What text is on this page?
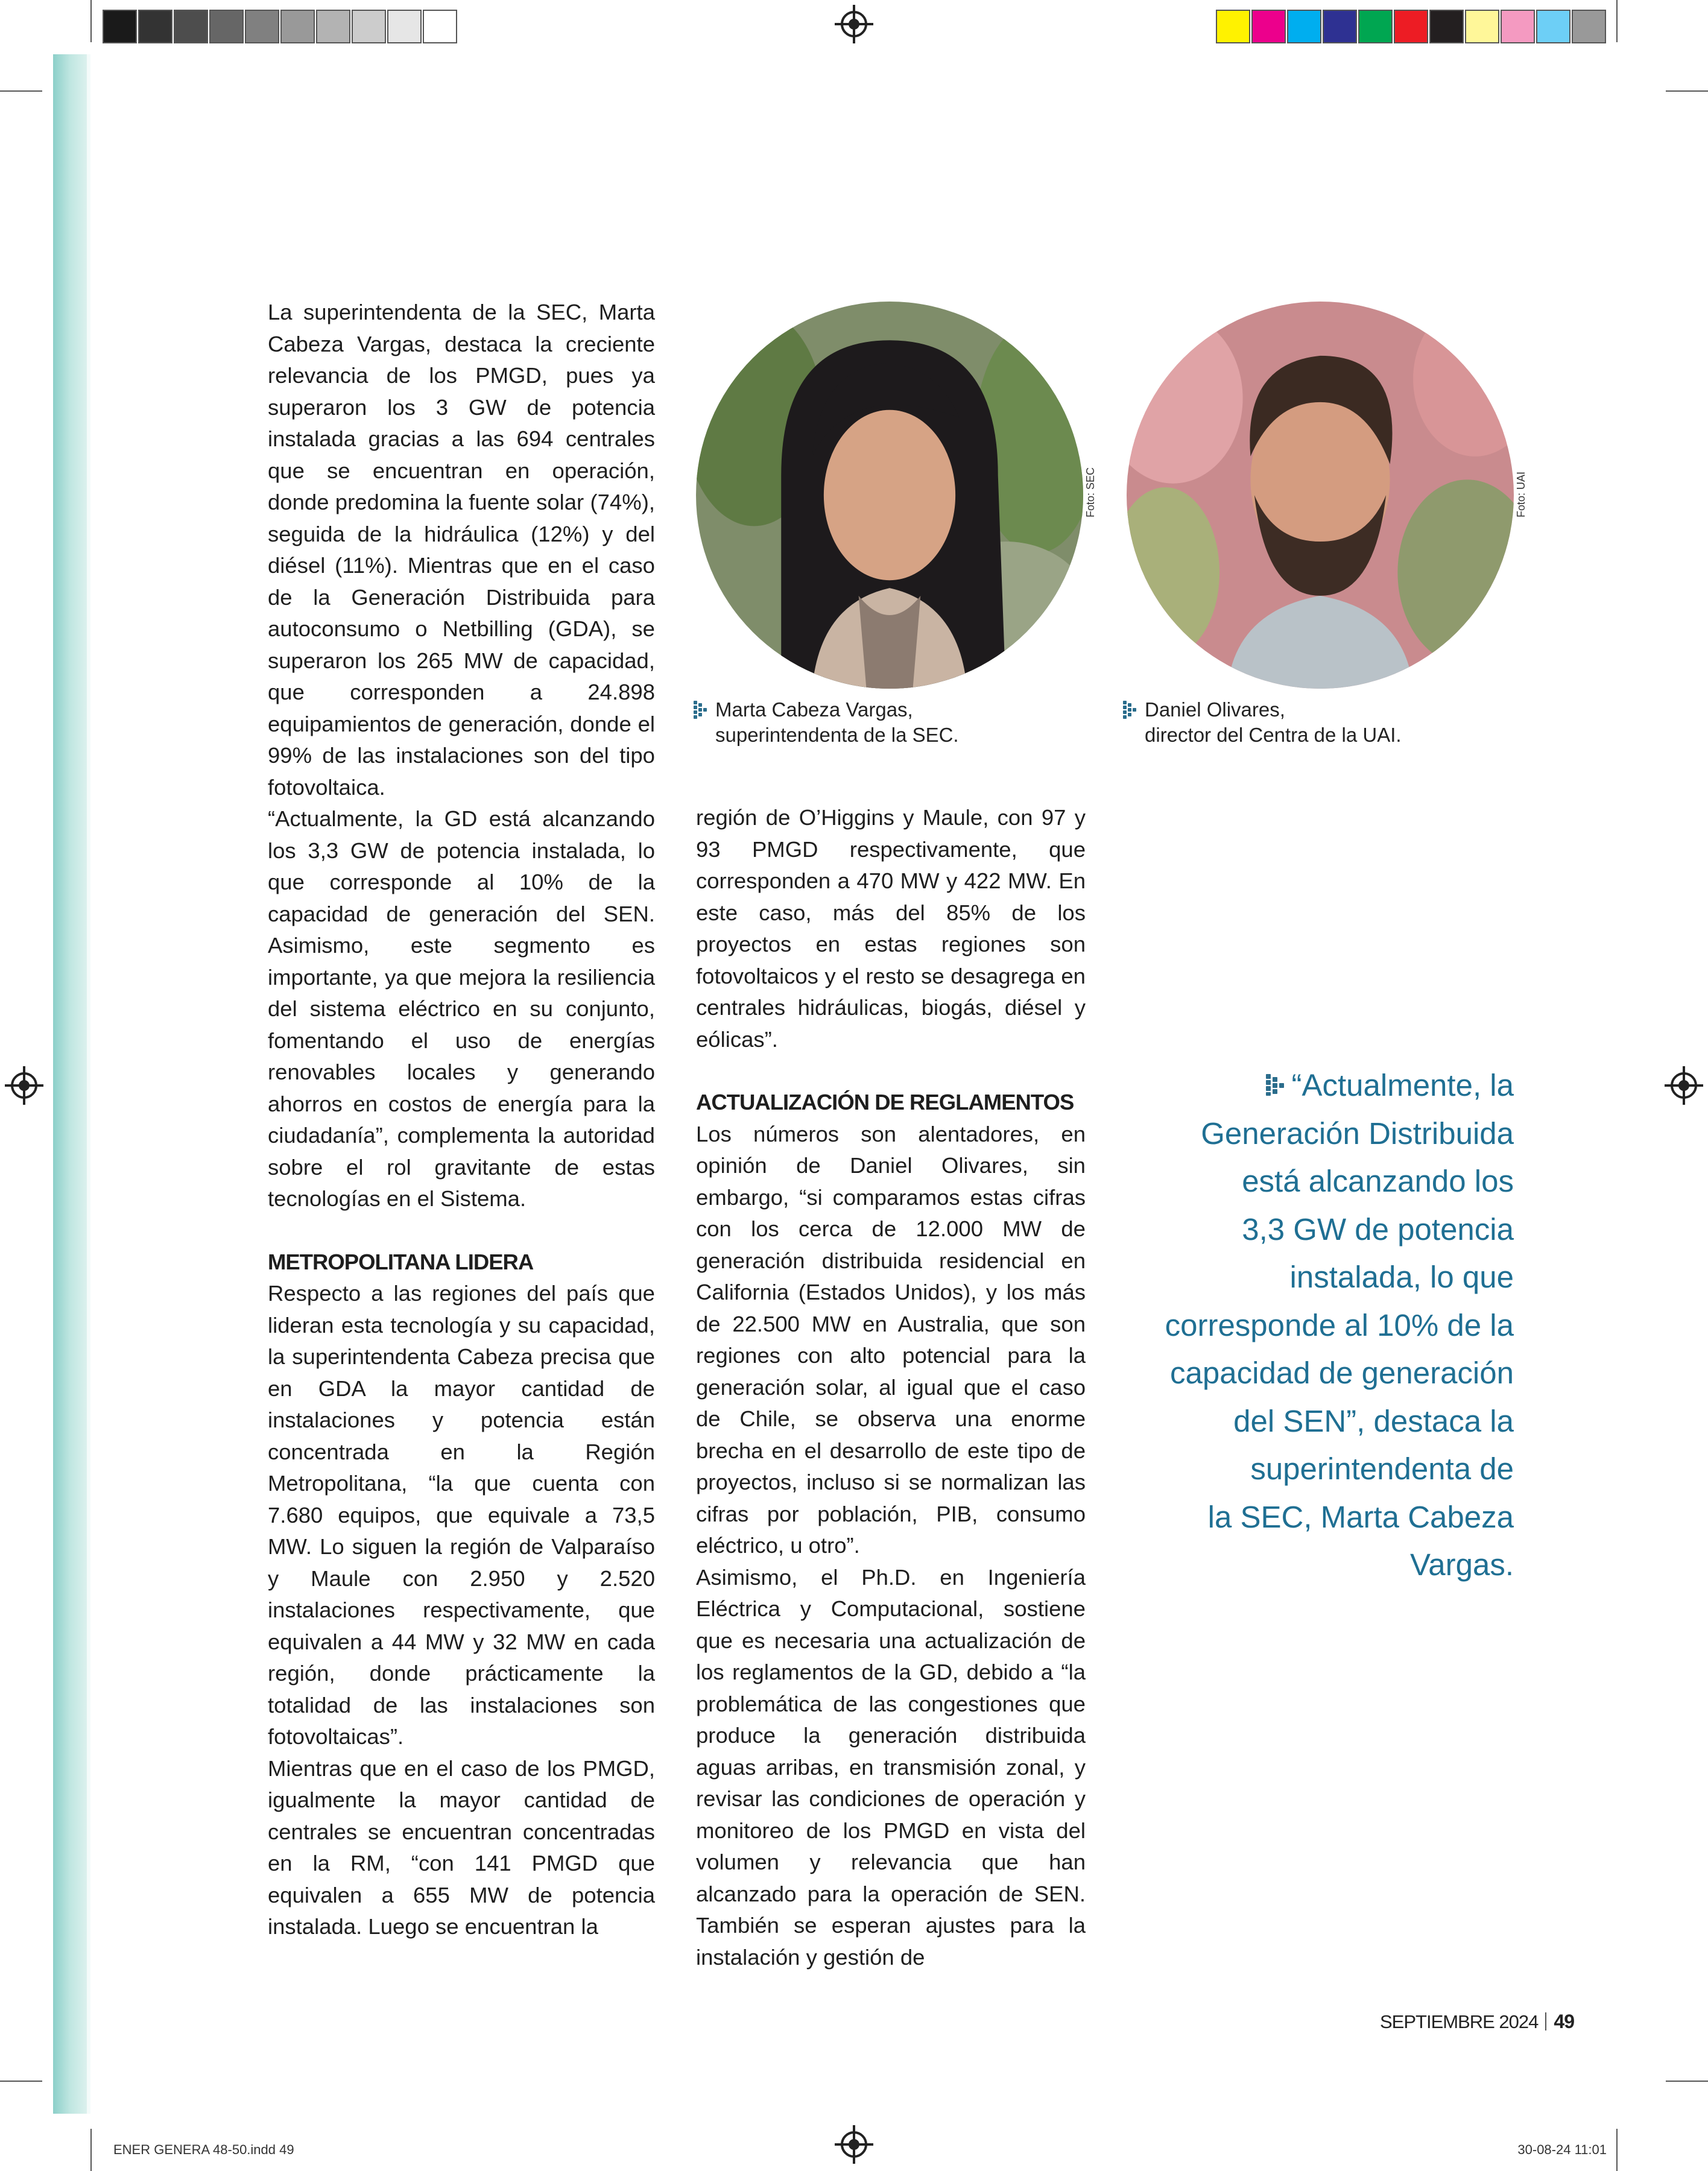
La superintendenta de la SEC, Marta Cabeza Vargas, destaca la creciente relevancia de los PMGD, pues ya superaron los 3 GW de potencia instalada gracias a las 694 centrales que se encuentran en operación, donde predomina la fuente solar (74%), seguida de la hidráulica (12%) y del diésel (11%). Mientras que en el caso de la Generación Distribuida para autoconsumo o Netbilling (GDA), se superaron los 265 MW de capacidad, que corresponden a 24.898 equipamientos de generación, donde el 99% de las instalaciones son del tipo fotovoltaica.

“Actualmente, la GD está alcanzando los 3,3 GW de potencia instalada, lo que corresponde al 10% de la capacidad de generación del SEN. Asimismo, este segmento es importante, ya que mejora la resiliencia del sistema eléctrico en su conjunto, fomentando el uso de energías renovables locales y generando ahorros en costos de energía para la ciudadanía”, complementa la autoridad sobre el rol gravitante de estas tecnologías en el Sistema.

METROPOLITANA LIDERA

Respecto a las regiones del país que lideran esta tecnología y su capacidad, la superintendenta Cabeza precisa que en GDA la mayor cantidad de instalaciones y potencia están concentrada en la Región Metropolitana, “la que cuenta con 7.680 equipos, que equivale a 73,5 MW. Lo siguen la región de Valparaíso y Maule con 2.950 y 2.520 instalaciones respectivamente, que equivalen a 44 MW y 32 MW en cada región, donde prácticamente la totalidad de las instalaciones son fotovoltaicas”.

Mientras que en el caso de los PMGD, igualmente la mayor cantidad de centrales se encuentran concentradas en la RM, “con 141 PMGD que equivalen a 655 MW de potencia instalada. Luego se encuentran la

Foto: SEC	Foto: UAI
Marta Cabeza Vargas,
superintendenta de la SEC.
Daniel Olivares,
director del Centra de la UAI.

región de O’Higgins y Maule, con 97 y 93 PMGD respectivamente, que corresponden a 470 MW y 422 MW. En este caso, más del 85% de los proyectos en estas regiones son fotovoltaicos y el resto se desagrega en centrales hidráulicas, biogás, diésel y eólicas”.

ACTUALIZACIÓN DE REGLAMENTOS

Los números son alentadores, en opinión de Daniel Olivares, sin embargo, “si comparamos estas cifras con los cerca de 12.000 MW de generación distribuida residencial en California (Estados Unidos), y los más de 22.500 MW en Australia, que son regiones con alto potencial para la generación solar, al igual que el caso de Chile, se observa una enorme brecha en el desarrollo de este tipo de proyectos, incluso si se normalizan las cifras por población, PIB, consumo eléctrico, u otro”.

Asimismo, el Ph.D. en Ingeniería Eléctrica y Computacional, sostiene que es necesaria una actualización de los reglamentos de la GD, debido a “la problemática de las congestiones que produce la generación distribuida aguas arribas, en transmisión zonal, y revisar las condiciones de operación y monitoreo de los PMGD en vista del volumen y relevancia que han alcanzado para la operación de SEN. También se esperan ajustes para la instalación y gestión de

“Actualmente, la
Generación Distribuida
está alcanzando los
3,3 GW de potencia
instalada, lo que
corresponde al 10% de la
capacidad de generación
del SEN”, destaca la
superintendenta de
la SEC, Marta Cabeza
Vargas.
SEPTIEMBRE 2024 49
ENER GENERA 48-50.indd 49	30-08-24 11:01
